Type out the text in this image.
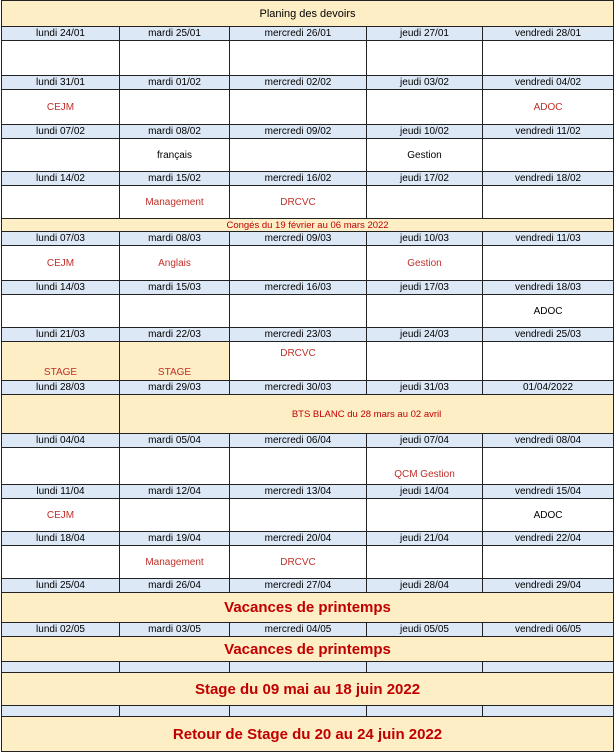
Planing des devoirs				
lundi 24/01	mardi 25/01	mercredi 26/01	jeudi 27/01	vendredi 28/01

lundi 31/01	mardi 01/02	mercredi 02/02	jeudi 03/02	vendredi 04/02
CEJM				ADOC
lundi 07/02	mardi 08/02	mercredi 09/02	jeudi 10/02	vendredi 11/02
	français		Gestion	
lundi 14/02	mardi 15/02	mercredi 16/02	jeudi 17/02	vendredi 18/02
	Management	DRCVC		
Congés du 19 février au 06 mars 2022				
lundi 07/03	mardi 08/03	mercredi 09/03	jeudi 10/03	vendredi 11/03
CEJM	Anglais		Gestion	
lundi 14/03	mardi 15/03	mercredi 16/03	jeudi 17/03	vendredi 18/03
				ADOC
lundi 21/03	mardi 22/03	mercredi 23/03	jeudi 24/03	vendredi 25/03
STAGE	STAGE	DRCVC		
lundi 28/03	mardi 29/03	mercredi 30/03	jeudi 31/03	01/04/2022
	BTS BLANC du 28 mars au 02 avril			
lundi 04/04	mardi 05/04	mercredi 06/04	jeudi 07/04	vendredi 08/04
			QCM Gestion	
lundi 11/04	mardi 12/04	mercredi 13/04	jeudi 14/04	vendredi 15/04
CEJM				ADOC
lundi 18/04	mardi 19/04	mercredi 20/04	jeudi 21/04	vendredi 22/04
	Management	DRCVC		
lundi 25/04	mardi 26/04	mercredi 27/04	jeudi 28/04	vendredi 29/04
Vacances de printemps				
lundi 02/05	mardi 03/05	mercredi 04/05	jeudi 05/05	vendredi 06/05
Vacances de printemps				

Stage du 09 mai au 18 juin 2022				

Retour de Stage du 20 au 24 juin 2022				
